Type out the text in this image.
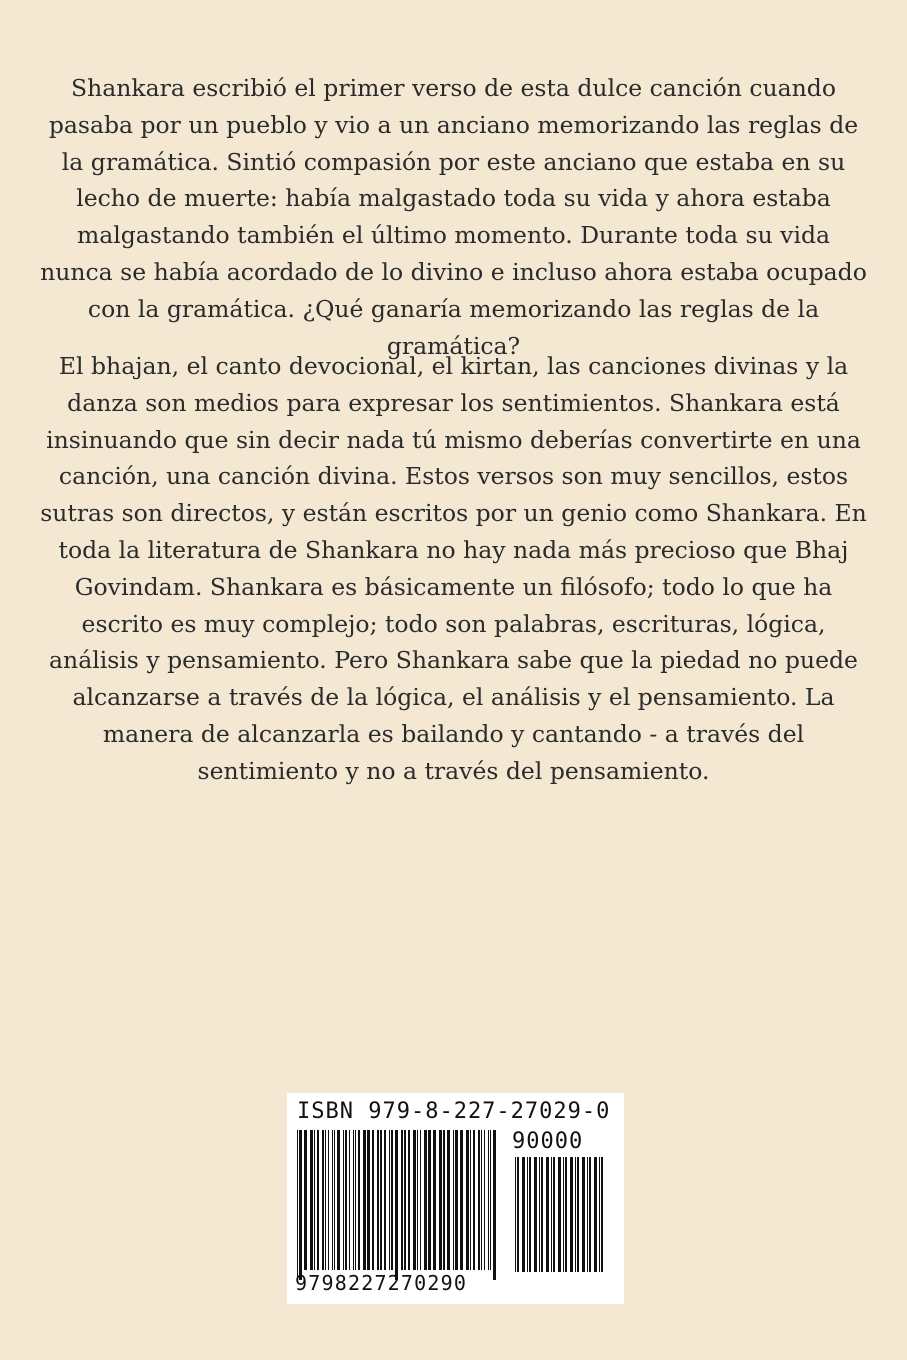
Shankara escribió el primer verso de esta dulce canción cuando pasaba por un pueblo y vio a un anciano memorizando las reglas de la gramática. Sintió compasión por este anciano que estaba en su lecho de muerte: había malgastado toda su vida y ahora estaba malgastando también el último momento. Durante toda su vida nunca se había acordado de lo divino e incluso ahora estaba ocupado con la gramática. ¿Qué ganaría memorizando las reglas de la gramática?

El bhajan, el canto devocional, el kirtan, las canciones divinas y la danza son medios para expresar los sentimientos. Shankara está insinuando que sin decir nada tú mismo deberías convertirte en una canción, una canción divina. Estos versos son muy sencillos, estos sutras son directos, y están escritos por un genio como Shankara. En toda la literatura de Shankara no hay nada más precioso que Bhaj Govindam. Shankara es básicamente un filósofo; todo lo que ha escrito es muy complejo; todo son palabras, escrituras, lógica, análisis y pensamiento. Pero Shankara sabe que la piedad no puede alcanzarse a través de la lógica, el análisis y el pensamiento. La manera de alcanzarla es bailando y cantando - a través del sentimiento y no a través del pensamiento.

ISBN 979-8-227-27029-0
90000
9798227270290
